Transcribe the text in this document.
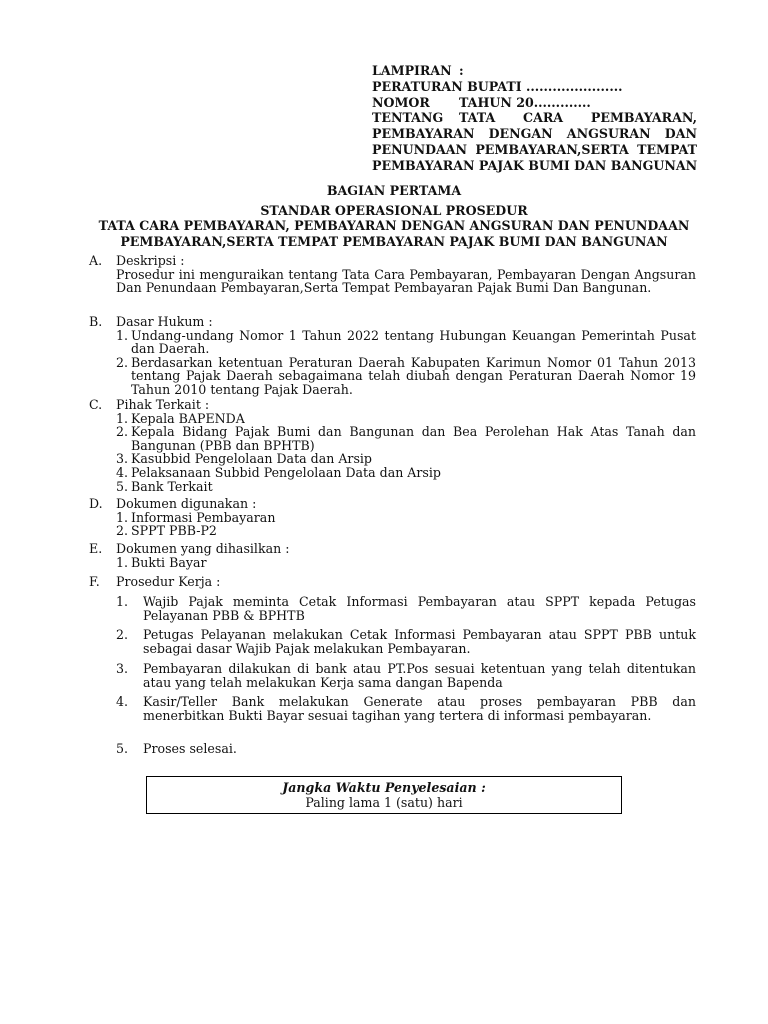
LAMPIRAN :
PERATURAN BUPATI ......................
NOMOR	TAHUN 20.............
TENTANG	TATA CARA PEMBAYARAN,
PEMBAYARAN DENGAN ANGSURAN DAN
PENUNDAAN PEMBAYARAN,SERTA TEMPAT
PEMBAYARAN PAJAK BUMI DAN BANGUNAN
BAGIAN PERTAMA
STANDAR OPERASIONAL PROSEDUR
TATA CARA PEMBAYARAN, PEMBAYARAN DENGAN ANGSURAN DAN PENUNDAAN
PEMBAYARAN,SERTA TEMPAT PEMBAYARAN PAJAK BUMI DAN BANGUNAN
A. Deskripsi :
Prosedur ini menguraikan tentang Tata Cara Pembayaran, Pembayaran Dengan Angsuran Dan Penundaan Pembayaran,Serta Tempat Pembayaran Pajak Bumi Dan Bangunan.
B. Dasar Hukum :
1. Undang-undang Nomor 1 Tahun 2022 tentang Hubungan Keuangan Pemerintah Pusat dan Daerah.
2. Berdasarkan ketentuan Peraturan Daerah Kabupaten Karimun Nomor 01 Tahun 2013 tentang Pajak Daerah sebagaimana telah diubah dengan Peraturan Daerah Nomor 19 Tahun 2010 tentang Pajak Daerah.
C. Pihak Terkait :
1. Kepala BAPENDA
2. Kepala Bidang Pajak Bumi dan Bangunan dan Bea Perolehan Hak Atas Tanah dan Bangunan (PBB dan BPHTB)
3. Kasubbid Pengelolaan Data dan Arsip
4. Pelaksanaan Subbid Pengelolaan Data dan Arsip
5. Bank Terkait
D. Dokumen digunakan :
1. Informasi Pembayaran
2. SPPT PBB-P2
E. Dokumen yang dihasilkan :
1. Bukti Bayar
F. Prosedur Kerja :
1. Wajib Pajak meminta Cetak Informasi Pembayaran atau SPPT kepada Petugas Pelayanan PBB & BPHTB
2. Petugas Pelayanan melakukan Cetak Informasi Pembayaran atau SPPT PBB untuk sebagai dasar Wajib Pajak melakukan Pembayaran.
3. Pembayaran dilakukan di bank atau PT.Pos sesuai ketentuan yang telah ditentukan atau yang telah melakukan Kerja sama dangan Bapenda
4. Kasir/Teller Bank melakukan Generate atau proses pembayaran PBB dan menerbitkan Bukti Bayar sesuai tagihan yang tertera di informasi pembayaran.
5. Proses selesai.
Jangka Waktu Penyelesaian :
Paling lama 1 (satu) hari
